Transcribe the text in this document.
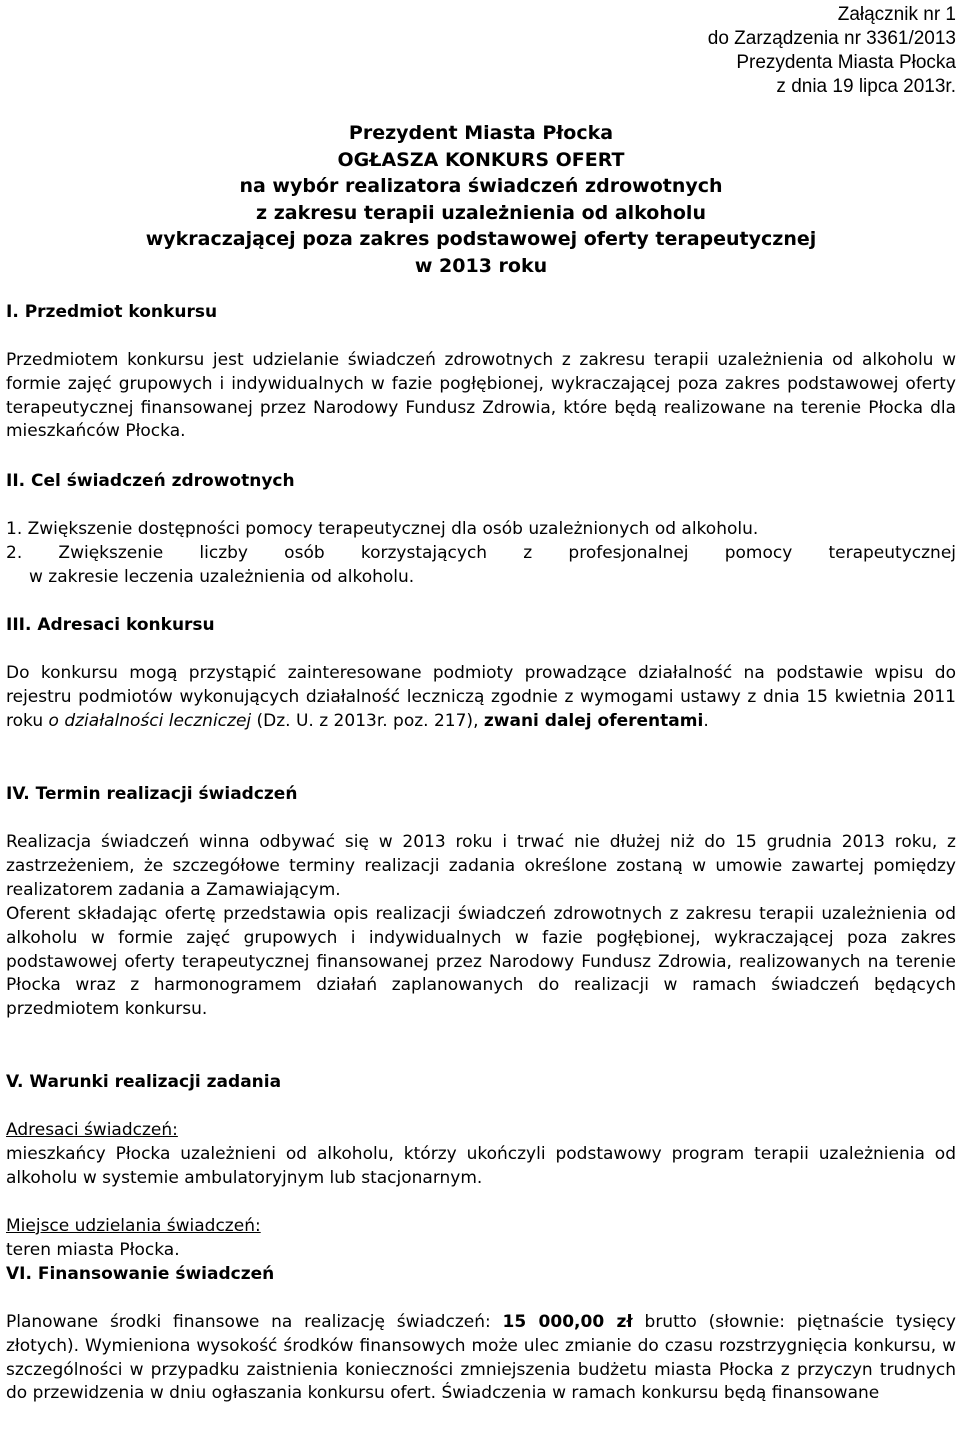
Załącznik nr 1
do Zarządzenia nr 3361/2013
Prezydenta Miasta Płocka
z dnia 19 lipca 2013r.
Prezydent Miasta Płocka
OGŁASZA KONKURS OFERT
na wybór realizatora świadczeń zdrowotnych
z zakresu terapii uzależnienia od alkoholu
wykraczającej poza zakres podstawowej oferty terapeutycznej
w 2013 roku
I. Przedmiot konkursu
Przedmiotem konkursu jest udzielanie świadczeń zdrowotnych z zakresu terapii uzależnienia od alkoholu w formie zajęć grupowych i indywidualnych w fazie pogłębionej, wykraczającej poza zakres podstawowej oferty terapeutycznej finansowanej przez Narodowy Fundusz Zdrowia, które będą realizowane na terenie Płocka dla mieszkańców Płocka.
II. Cel świadczeń zdrowotnych
1. Zwiększenie dostępności pomocy terapeutycznej dla osób uzależnionych od alkoholu.
2. Zwiększenie liczby osób korzystających z profesjonalnej pomocy terapeutycznej
w zakresie leczenia uzależnienia od alkoholu.
III. Adresaci konkursu
Do konkursu mogą przystąpić zainteresowane podmioty prowadzące działalność na podstawie wpisu do rejestru podmiotów wykonujących działalność leczniczą zgodnie z wymogami ustawy z dnia 15 kwietnia 2011 roku o działalności leczniczej (Dz. U. z 2013r. poz. 217), zwani dalej oferentami.
IV. Termin realizacji świadczeń
Realizacja świadczeń winna odbywać się w 2013 roku i trwać nie dłużej niż do 15 grudnia 2013 roku, z zastrzeżeniem, że szczegółowe terminy realizacji zadania określone zostaną w umowie zawartej pomiędzy realizatorem zadania a Zamawiającym.
Oferent składając ofertę przedstawia opis realizacji świadczeń zdrowotnych z zakresu terapii uzależnienia od alkoholu w formie zajęć grupowych i indywidualnych w fazie pogłębionej, wykraczającej poza zakres podstawowej oferty terapeutycznej finansowanej przez Narodowy Fundusz Zdrowia, realizowanych na terenie Płocka wraz z harmonogramem działań zaplanowanych do realizacji w ramach świadczeń będących przedmiotem konkursu.
V. Warunki realizacji zadania
Adresaci świadczeń:
mieszkańcy Płocka uzależnieni od alkoholu, którzy ukończyli podstawowy program terapii uzależnienia od alkoholu w systemie ambulatoryjnym lub stacjonarnym.
Miejsce udzielania świadczeń:
teren miasta Płocka.
VI. Finansowanie świadczeń
Planowane środki finansowe na realizację świadczeń: 15 000,00 zł brutto (słownie: piętnaście tysięcy złotych). Wymieniona wysokość środków finansowych może ulec zmianie do czasu rozstrzygnięcia konkursu, w szczególności w przypadku zaistnienia konieczności zmniejszenia budżetu miasta Płocka z przyczyn trudnych do przewidzenia w dniu ogłaszania konkursu ofert. Świadczenia w ramach konkursu będą finansowane
